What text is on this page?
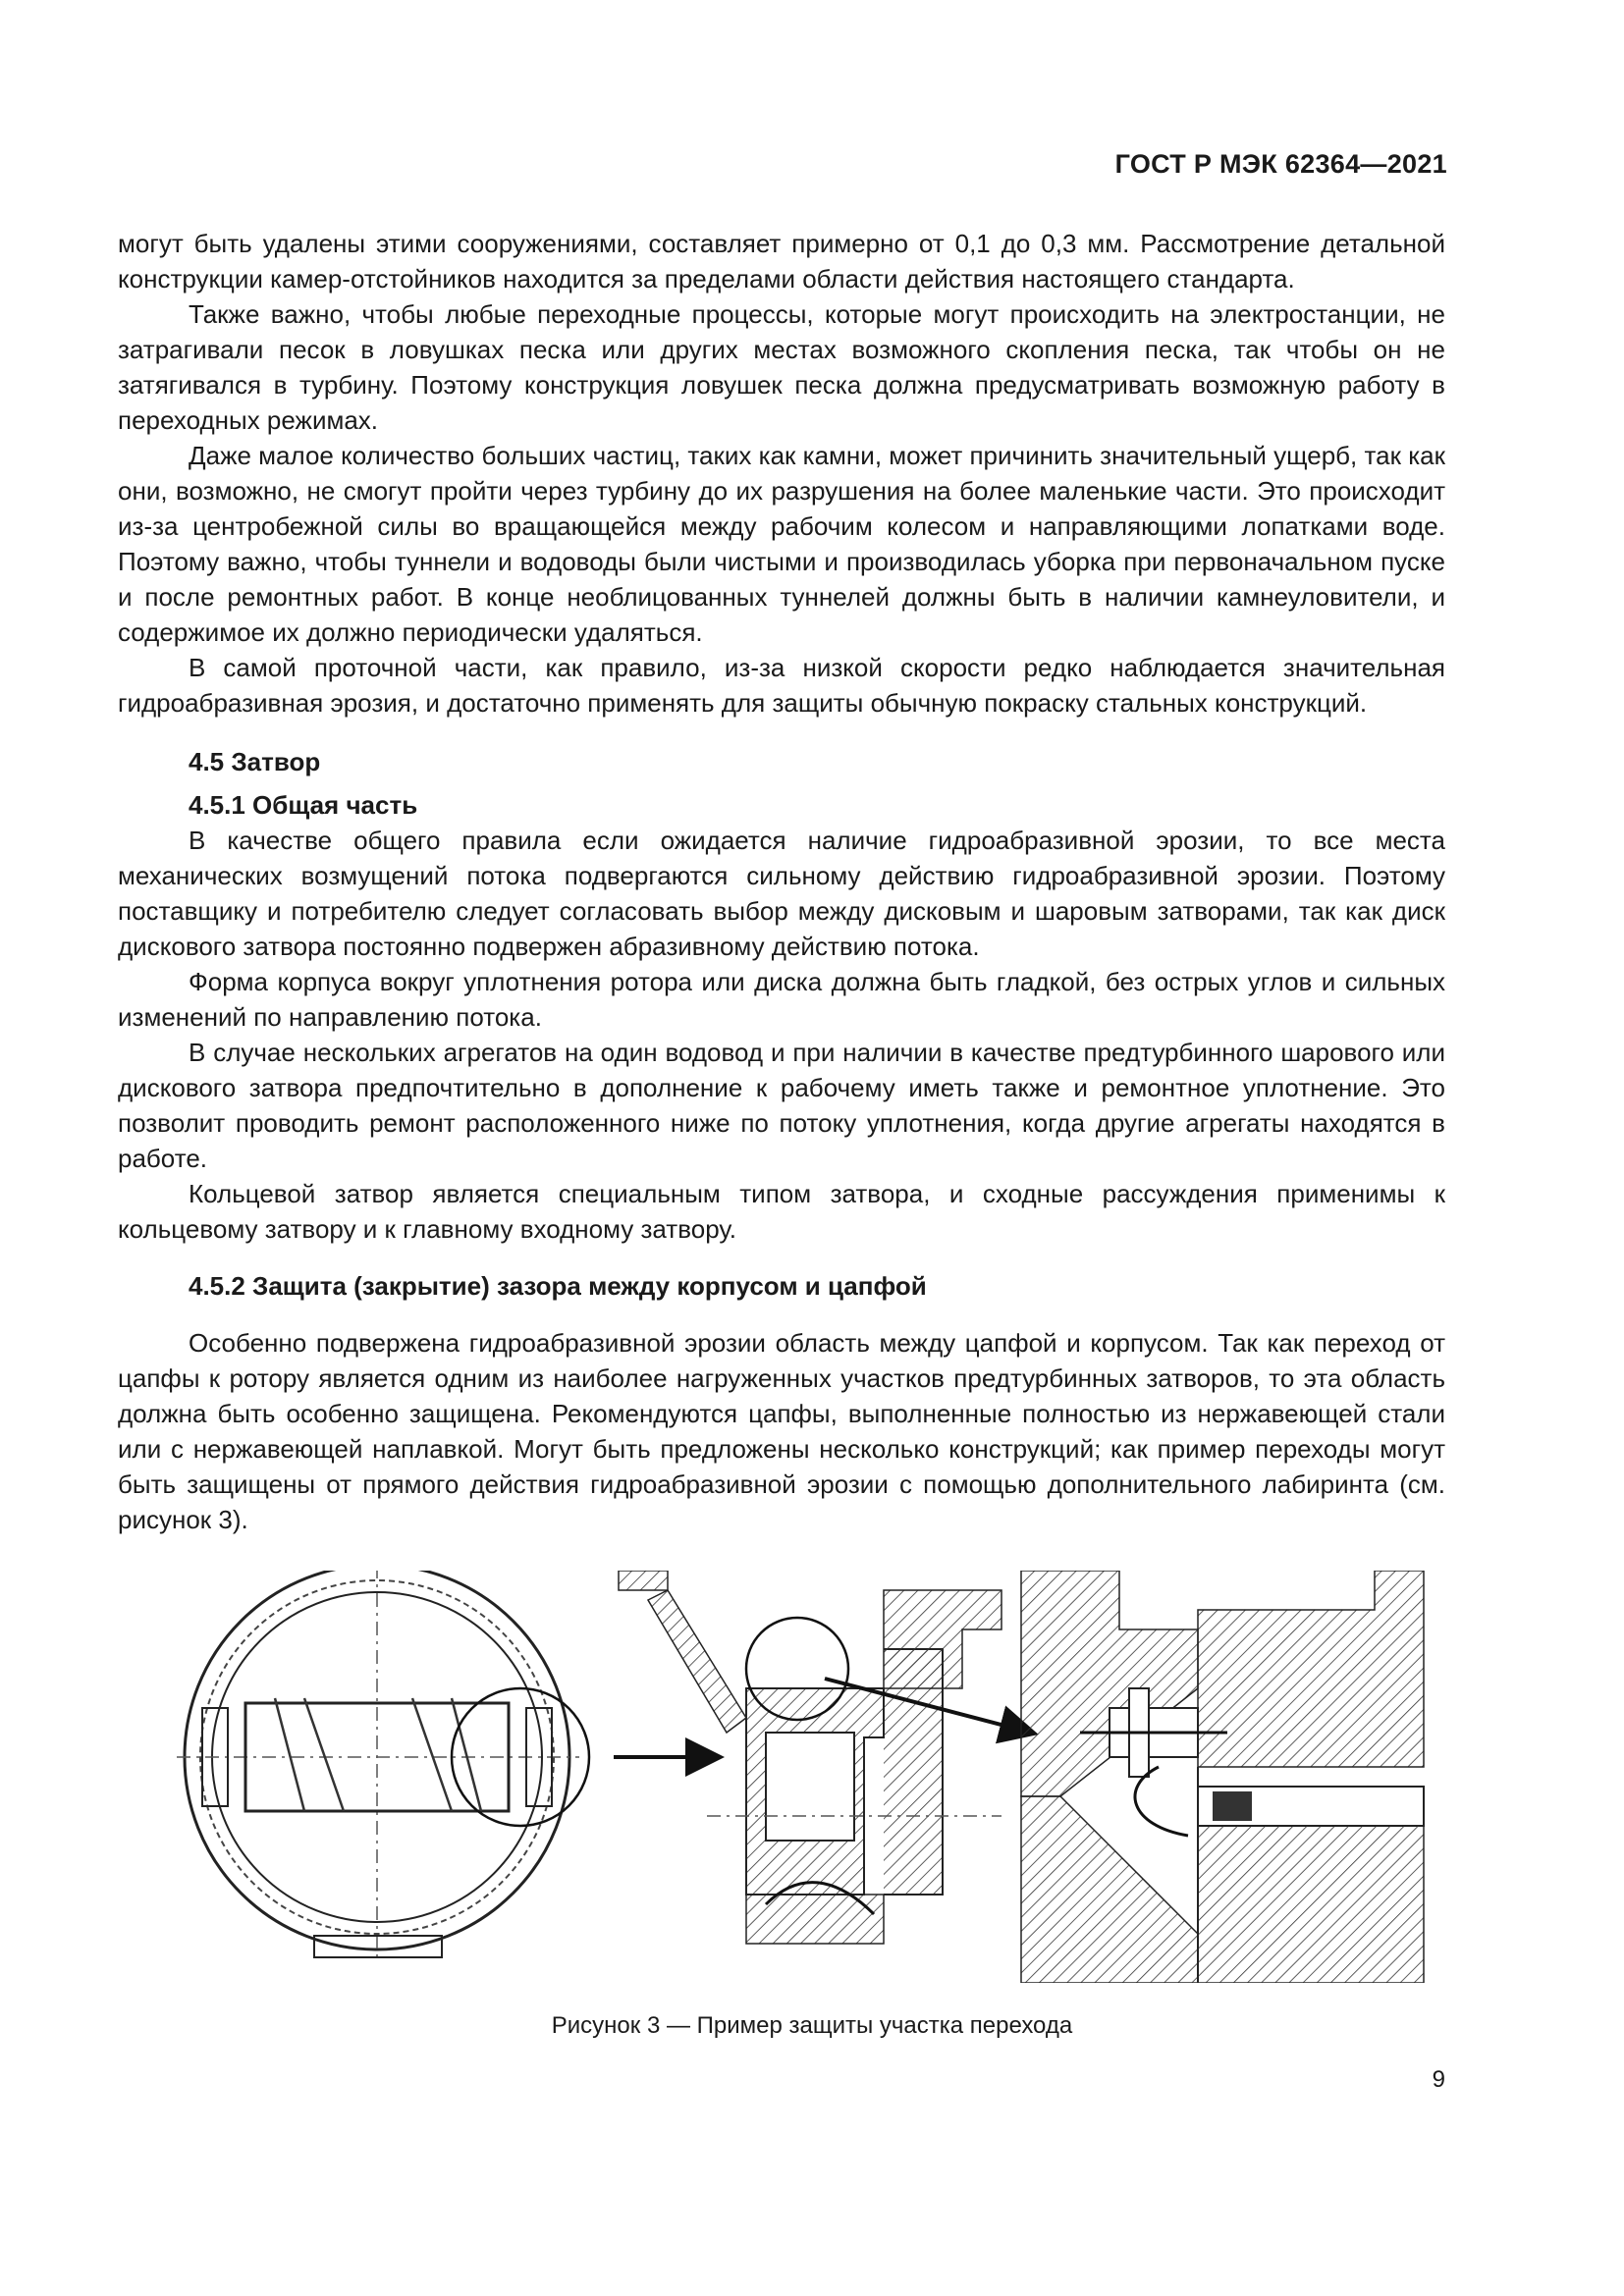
ГОСТ Р МЭК 62364—2021

могут быть удалены этими сооружениями, составляет примерно от 0,1 до 0,3 мм. Рассмотрение детальной конструкции камер-отстойников находится за пределами области действия настоящего стандарта.

Также важно, чтобы любые переходные процессы, которые могут происходить на электростанции, не затрагивали песок в ловушках песка или других местах возможного скопления песка, так чтобы он не затягивался в турбину. Поэтому конструкция ловушек песка должна предусматривать возможную работу в переходных режимах.

Даже малое количество больших частиц, таких как камни, может причинить значительный ущерб, так как они, возможно, не смогут пройти через турбину до их разрушения на более маленькие части. Это происходит из-за центробежной силы во вращающейся между рабочим колесом и направляющими лопатками воде. Поэтому важно, чтобы туннели и водоводы были чистыми и производилась уборка при первоначальном пуске и после ремонтных работ. В конце необлицованных туннелей должны быть в наличии камнеуловители, и содержимое их должно периодически удаляться.

В самой проточной части, как правило, из-за низкой скорости редко наблюдается значительная гидроабразивная эрозия, и достаточно применять для защиты обычную покраску стальных конструкций.

4.5 Затвор

4.5.1 Общая часть

В качестве общего правила если ожидается наличие гидроабразивной эрозии, то все места механических возмущений потока подвергаются сильному действию гидроабразивной эрозии. Поэтому поставщику и потребителю следует согласовать выбор между дисковым и шаровым затворами, так как диск дискового затвора постоянно подвержен абразивному действию потока.

Форма корпуса вокруг уплотнения ротора или диска должна быть гладкой, без острых углов и сильных изменений по направлению потока.

В случае нескольких агрегатов на один водовод и при наличии в качестве предтурбинного шарового или дискового затвора предпочтительно в дополнение к рабочему иметь также и ремонтное уплотнение. Это позволит проводить ремонт расположенного ниже по потоку уплотнения, когда другие агрегаты находятся в работе.

Кольцевой затвор является специальным типом затвора, и сходные рассуждения применимы к кольцевому затвору и к главному входному затвору.

4.5.2 Защита (закрытие) зазора между корпусом и цапфой

Особенно подвержена гидроабразивной эрозии область между цапфой и корпусом. Так как переход от цапфы к ротору является одним из наиболее нагруженных участков предтурбинных затворов, то эта область должна быть особенно защищена. Рекомендуются цапфы, выполненные полностью из нержавеющей стали или с нержавеющей наплавкой. Могут быть предложены несколько конструкций; как пример переходы могут быть защищены от прямого действия гидроабразивной эрозии с помощью дополнительного лабиринта (см. рисунок 3).

Рисунок 3 — Пример защиты участка перехода
9
